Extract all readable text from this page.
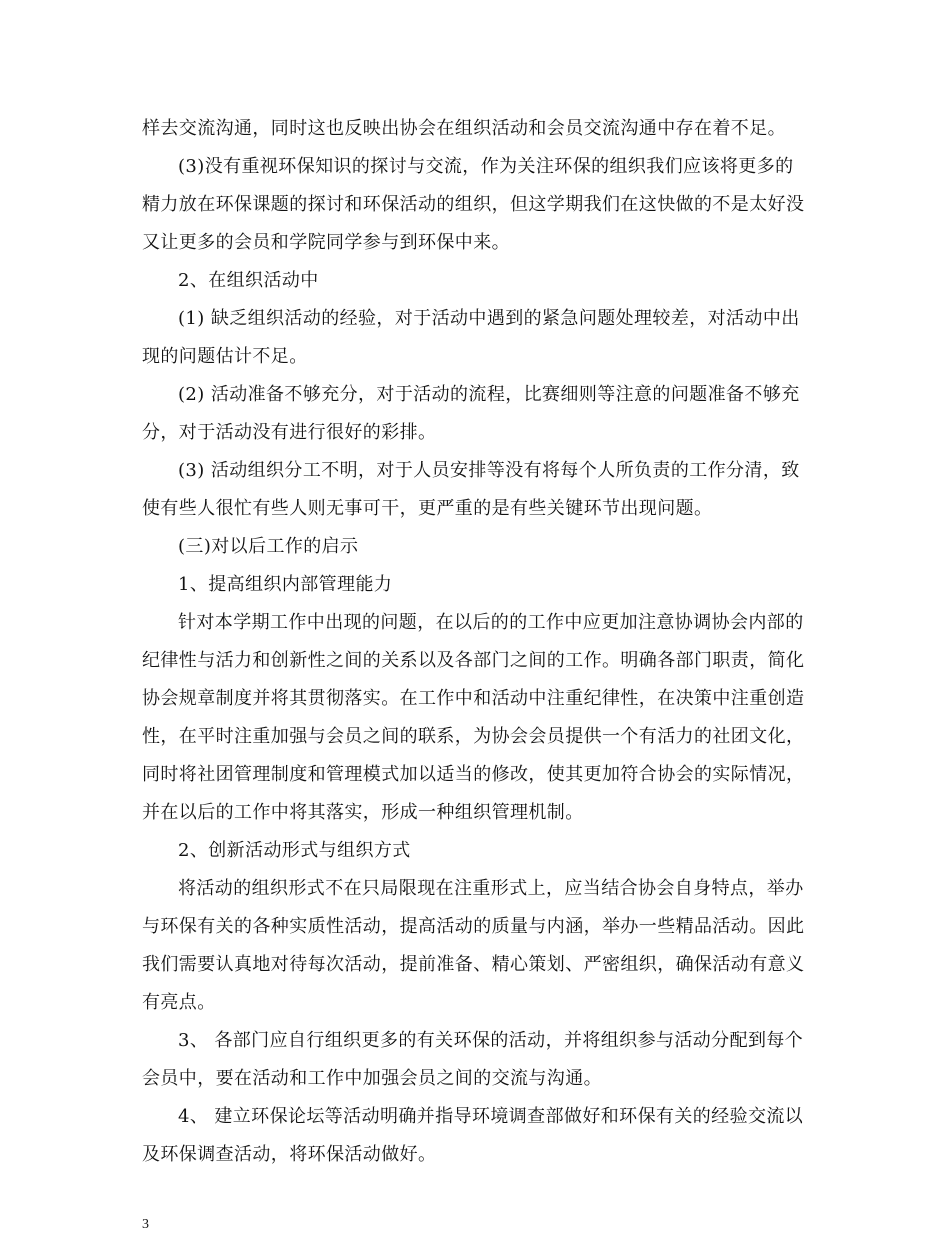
样去交流沟通，同时这也反映出协会在组织活动和会员交流沟通中存在着不足。
(3)没有重视环保知识的探讨与交流，作为关注环保的组织我们应该将更多的
精力放在环保课题的探讨和环保活动的组织，但这学期我们在这快做的不是太好没
又让更多的会员和学院同学参与到环保中来。
2、在组织活动中
(1) 缺乏组织活动的经验，对于活动中遇到的紧急问题处理较差，对活动中出
现的问题估计不足。
(2) 活动准备不够充分，对于活动的流程，比赛细则等注意的问题准备不够充
分，对于活动没有进行很好的彩排。
(3) 活动组织分工不明，对于人员安排等没有将每个人所负责的工作分清，致
使有些人很忙有些人则无事可干，更严重的是有些关键环节出现问题。
(三)对以后工作的启示
1、提高组织内部管理能力
针对本学期工作中出现的问题，在以后的的工作中应更加注意协调协会内部的
纪律性与活力和创新性之间的关系以及各部门之间的工作。明确各部门职责，简化
协会规章制度并将其贯彻落实。在工作中和活动中注重纪律性，在决策中注重创造
性，在平时注重加强与会员之间的联系，为协会会员提供一个有活力的社团文化，
同时将社团管理制度和管理模式加以适当的修改，使其更加符合协会的实际情况，
并在以后的工作中将其落实，形成一种组织管理机制。
2、创新活动形式与组织方式
将活动的组织形式不在只局限现在注重形式上，应当结合协会自身特点，举办
与环保有关的各种实质性活动，提高活动的质量与内涵，举办一些精品活动。因此
我们需要认真地对待每次活动，提前准备、精心策划、严密组织，确保活动有意义
有亮点。
3、 各部门应自行组织更多的有关环保的活动，并将组织参与活动分配到每个
会员中，要在活动和工作中加强会员之间的交流与沟通。
4、 建立环保论坛等活动明确并指导环境调查部做好和环保有关的经验交流以
及环保调查活动，将环保活动做好。
3
